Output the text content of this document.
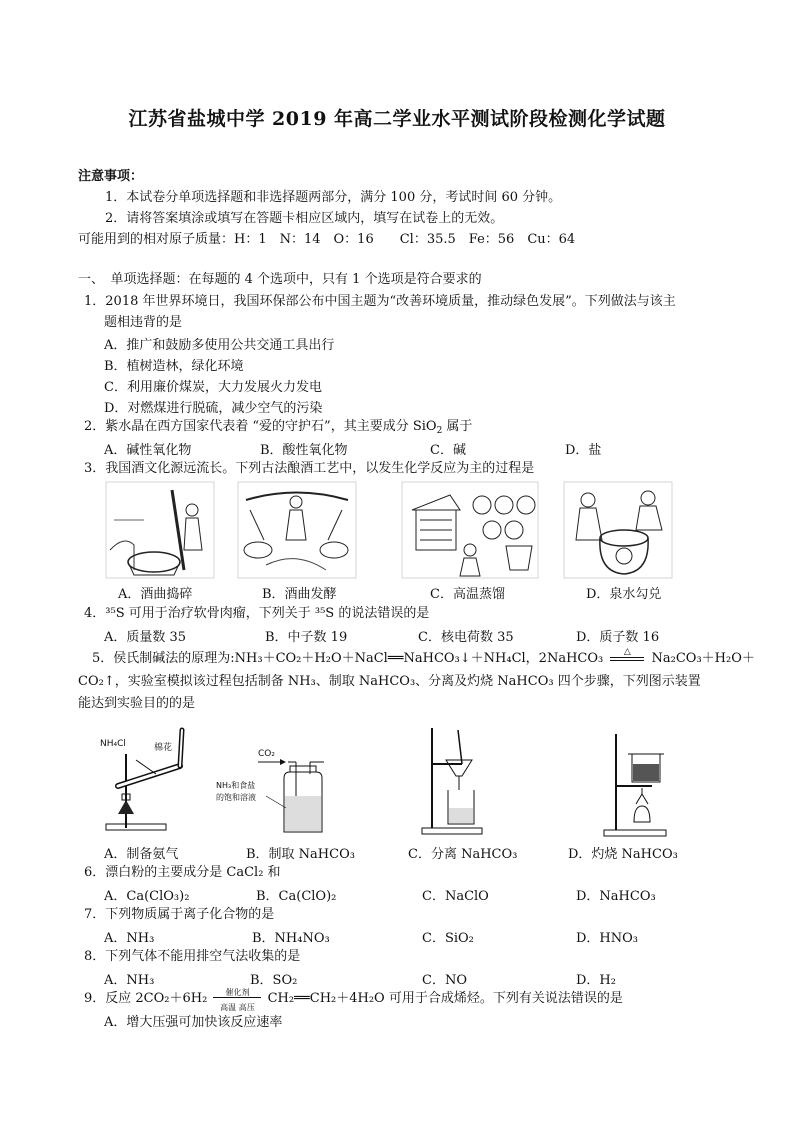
江苏省盐城中学 2019 年高二学业水平测试阶段检测化学试题
注意事项：
1．本试卷分单项选择题和非选择题两部分，满分 100 分，考试时间 60 分钟。
2．请将答案填涂或填写在答题卡相应区域内，填写在试卷上的无效。
可能用到的相对原子质量：H：1　N：14　O：16　　Cl：35.5　Fe：56　Cu：64
一、　单项选择题：在每题的 4 个选项中，只有 1 个选项是符合要求的
1．2018 年世界环境日，我国环保部公布中国主题为“改善环境质量，推动绿色发展”。下列做法与该主
题相违背的是
A．推广和鼓励多使用公共交通工具出行
B．植树造林，绿化环境
C．利用廉价煤炭，大力发展火力发电
D．对燃煤进行脱硫，减少空气的污染
2．紫水晶在西方国家代表着 “爱的守护石”，其主要成分 SiO$_2$ 属于
A．碱性氧化物	B．酸性氧化物	C．碱	D．盐
3．我国酒文化源远流长。下列古法酿酒工艺中，以发生化学反应为主的过程是
A．酒曲捣碎	B．酒曲发酵	C．高温蒸馏	D．泉水勾兑
4．³⁵S 可用于治疗软骨肉瘤，下列关于 ³⁵S 的说法错误的是
A．质量数 35	B．中子数 19	C．核电荷数 35	D．质子数 16
5．侯氏制碱法的原理为:NH₃＋CO₂＋H₂O＋NaCl══NaHCO₃↓＋NH₄Cl，2NaHCO₃	△	Na₂CO₃＋H₂O＋
CO₂↑，实验室模拟该过程包括制备 NH₃、制取 NaHCO₃、分离及灼烧 NaHCO₃ 四个步骤，下列图示装置
能达到实验目的的是
NH₄Cl	棉花
CO₂
NH₃和食盐
的饱和溶液
A．制备氨气	B．制取 NaHCO₃	C．分离 NaHCO₃	D．灼烧 NaHCO₃
6．漂白粉的主要成分是 CaCl₂ 和
A．Ca(ClO₃)₂	B．Ca(ClO)₂	C．NaClO	D．NaHCO₃
7．下列物质属于离子化合物的是
A．NH₃	B．NH₄NO₃	C．SiO₂	D．HNO₃
8．下列气体不能用排空气法收集的是
A．NH₃	B．SO₂	C．NO	D．H₂
9．反应 2CO₂＋6H₂	催化剂
高温 高压
CH₂══CH₂＋4H₂O 可用于合成烯烃。下列有关说法错误的是
A．增大压强可加快该反应速率
